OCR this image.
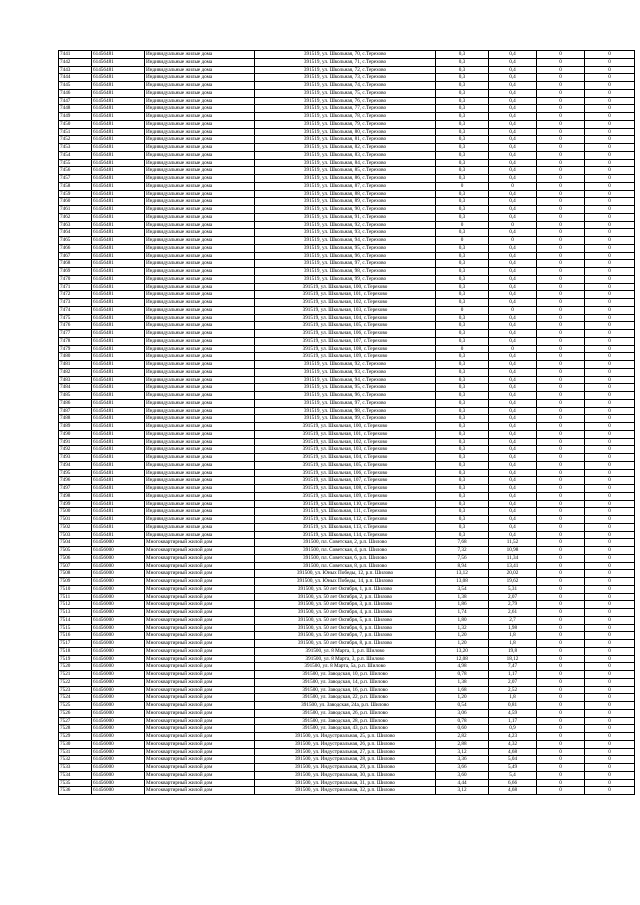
7441	61456481	Индивидуальные жилые дома	391519, ул. Школьная, 70, с.Терехово	0,3	0,4	0	0
7442	61456481	Индивидуальные жилые дома	391519, ул. Школьная, 71, с.Терехово	0,3	0,4	0	0
7443	61456481	Индивидуальные жилые дома	391519, ул. Школьная, 72, с.Терехово	0,3	0,4	0	0
7444	61456481	Индивидуальные жилые дома	391519, ул. Школьная, 73, с.Терехово	0,3	0,4	0	0
7445	61456481	Индивидуальные жилые дома	391519, ул. Школьная, 74, с.Терехово	0,3	0,4	0	0
7446	61456481	Индивидуальные жилые дома	391519, ул. Школьная, 75, с.Терехово	0,3	0,4	0	0
7447	61456481	Индивидуальные жилые дома	391519, ул. Школьная, 76, с.Терехово	0,3	0,4	0	0
7448	61456481	Индивидуальные жилые дома	391519, ул. Школьная, 77, с.Терехово	0,3	0,4	0	0
7449	61456481	Индивидуальные жилые дома	391519, ул. Школьная, 78, с.Терехово	0,3	0,4	0	0
7450	61456481	Индивидуальные жилые дома	391519, ул. Школьная, 79, с.Терехово	0,3	0,4	0	0
7451	61456481	Индивидуальные жилые дома	391519, ул. Школьная, 80, с.Терехово	0,3	0,4	0	0
7452	61456481	Индивидуальные жилые дома	391519, ул. Школьная, 81, с.Терехово	0,3	0,4	0	0
7453	61456481	Индивидуальные жилые дома	391519, ул. Школьная, 82, с.Терехово	0,3	0,4	0	0
7454	61456481	Индивидуальные жилые дома	391519, ул. Школьная, 83, с.Терехово	0,3	0,4	0	0
7455	61456481	Индивидуальные жилые дома	391519, ул. Школьная, 84, с.Терехово	0,3	0,4	0	0
7456	61456481	Индивидуальные жилые дома	391519, ул. Школьная, 85, с.Терехово	0,3	0,4	0	0
7457	61456481	Индивидуальные жилые дома	391519, ул. Школьная, 86, с.Терехово	0,3	0,4	0	0
7458	61456481	Индивидуальные жилые дома	391519, ул. Школьная, 87, с.Терехово	0	0	0	0
7459	61456481	Индивидуальные жилые дома	391519, ул. Школьная, 88, с.Терехово	0,3	0,4	0	0
7460	61456481	Индивидуальные жилые дома	391519, ул. Школьная, 89, с.Терехово	0,3	0,4	0	0
7461	61456481	Индивидуальные жилые дома	391519, ул. Школьная, 90, с.Терехово	0,3	0,4	0	0
7462	61456481	Индивидуальные жилые дома	391519, ул. Школьная, 91, с.Терехово	0,3	0,4	0	0
7463	61456481	Индивидуальные жилые дома	391519, ул. Школьная, 92, с.Терехово	0	0	0	0
7464	61456481	Индивидуальные жилые дома	391519, ул. Школьная, 93, с.Терехово	0,3	0,4	0	0
7465	61456481	Индивидуальные жилые дома	391519, ул. Школьная, 94, с.Терехово	0	0	0	0
7466	61456481	Индивидуальные жилые дома	391519, ул. Школьная, 95, с.Терехово	0,3	0,4	0	0
7467	61456481	Индивидуальные жилые дома	391519, ул. Школьная, 96, с.Терехово	0,3	0,4	0	0
7468	61456481	Индивидуальные жилые дома	391519, ул. Школьная, 97, с.Терехово	0,3	0,4	0	0
7469	61456481	Индивидуальные жилые дома	391519, ул. Школьная, 98, с.Терехово	0,3	0,4	0	0
7470	61456481	Индивидуальные жилые дома	391519, ул. Школьная, 99, с.Терехово	0,3	0,4	0	0
7471	61456481	Индивидуальные жилые дома	391519, ул. Школьная, 100, с.Терехово	0,3	0,4	0	0
7472	61456481	Индивидуальные жилые дома	391519, ул. Школьная, 101, с.Терехово	0,3	0,4	0	0
7473	61456481	Индивидуальные жилые дома	391519, ул. Школьная, 102, с.Терехово	0,3	0,4	0	0
7474	61456481	Индивидуальные жилые дома	391519, ул. Школьная, 103, с.Терехово	0	0	0	0
7475	61456481	Индивидуальные жилые дома	391519, ул. Школьная, 104, с.Терехово	0,3	0,4	0	0
7476	61456481	Индивидуальные жилые дома	391519, ул. Школьная, 105, с.Терехово	0,3	0,4	0	0
7477	61456481	Индивидуальные жилые дома	391519, ул. Школьная, 106, с.Терехово	0,3	0,4	0	0
7478	61456481	Индивидуальные жилые дома	391519, ул. Школьная, 107, с.Терехово	0,3	0,4	0	0
7479	61456481	Индивидуальные жилые дома	391519, ул. Школьная, 108, с.Терехово	0	0	0	0
7480	61456481	Индивидуальные жилые дома	391519, ул. Школьная, 109, с.Терехово	0,3	0,4	0	0
7481	61456481	Индивидуальные жилые дома	391519, ул. Школьная, 92, с.Терехово	0,3	0,4	0	0
7482	61456481	Индивидуальные жилые дома	391519, ул. Школьная, 93, с.Терехово	0,3	0,4	0	0
7483	61456481	Индивидуальные жилые дома	391519, ул. Школьная, 94, с.Терехово	0,3	0,4	0	0
7484	61456481	Индивидуальные жилые дома	391519, ул. Школьная, 95, с.Терехово	0,3	0,4	0	0
7485	61456481	Индивидуальные жилые дома	391519, ул. Школьная, 96, с.Терехово	0,3	0,4	0	0
7486	61456481	Индивидуальные жилые дома	391519, ул. Школьная, 97, с.Терехово	0,3	0,4	0	0
7487	61456481	Индивидуальные жилые дома	391519, ул. Школьная, 98, с.Терехово	0,3	0,4	0	0
7488	61456481	Индивидуальные жилые дома	391519, ул. Школьная, 99, с.Терехово	0,3	0,4	0	0
7489	61456481	Индивидуальные жилые дома	391519, ул. Школьная, 100, с.Терехово	0,3	0,4	0	0
7490	61456481	Индивидуальные жилые дома	391519, ул. Школьная, 101, с.Терехово	0,3	0,4	0	0
7491	61456481	Индивидуальные жилые дома	391519, ул. Школьная, 102, с.Терехово	0,3	0,4	0	0
7492	61456481	Индивидуальные жилые дома	391519, ул. Школьная, 103, с.Терехово	0,3	0,4	0	0
7493	61456481	Индивидуальные жилые дома	391519, ул. Школьная, 104, с.Терехово	0,3	0,4	0	0
7494	61456481	Индивидуальные жилые дома	391519, ул. Школьная, 105, с.Терехово	0,3	0,4	0	0
7495	61456481	Индивидуальные жилые дома	391519, ул. Школьная, 106, с.Терехово	0,3	0,4	0	0
7496	61456481	Индивидуальные жилые дома	391519, ул. Школьная, 107, с.Терехово	0,3	0,4	0	0
7497	61456481	Индивидуальные жилые дома	391519, ул. Школьная, 108, с.Терехово	0,3	0,4	0	0
7498	61456481	Индивидуальные жилые дома	391519, ул. Школьная, 109, с.Терехово	0,3	0,4	0	0
7499	61456481	Индивидуальные жилые дома	391519, ул. Школьная, 110, с.Терехово	0,3	0,4	0	0
7500	61456481	Индивидуальные жилые дома	391519, ул. Школьная, 111, с.Терехово	0,3	0,4	0	0
7501	61456481	Индивидуальные жилые дома	391519, ул. Школьная, 112, с.Терехово	0,3	0,4	0	0
7502	61456481	Индивидуальные жилые дома	391519, ул. Школьная, 113, с.Терехово	0,3	0,4	0	0
7503	61456481	Индивидуальные жилые дома	391519, ул. Школьная, 114, с.Терехово	0,3	0,4	0	0
7504	61456000	Многоквартирный жилой дом	391500, пл. Советская, 2, р.п. Шилово	7,68	11,52	0	0
7505	61456000	Многоквартирный жилой дом	391500, пл. Советская, 4, р.п. Шилово	7,32	10,98	0	0
7506	61456000	Многоквартирный жилой дом	391500, пл. Советская, 6, р.п. Шилово	7,56	11,34	0	0
7507	61456000	Многоквартирный жилой дом	391500, пл. Советская, 8, р.п. Шилово	8,94	13,41	0	0
7508	61456000	Многоквартирный жилой дом	391500, ул. Юных Победы, 12, р.п. Шилово	13,12	20,02	0	0
7509	61456000	Многоквартирный жилой дом	391500, ул. Юных Победы, 14, р.п. Шилово	13,08	19,62	0	0
7510	61456000	Многоквартирный жилой дом	391500, ул. 50 лет Октября, 1, р.п. Шилово	3,54	5,31	0	0
7511	61456000	Многоквартирный жилой дом	391500, ул. 50 лет Октября, 2, р.п. Шилово	1,38	2,07	0	0
7512	61456000	Многоквартирный жилой дом	391500, ул. 50 лет Октября, 3, р.п. Шилово	1,86	2,79	0	0
7513	61456000	Многоквартирный жилой дом	391500, ул. 50 лет Октября, 4, р.п. Шилово	1,74	2,61	0	0
7514	61456000	Многоквартирный жилой дом	391500, ул. 50 лет Октября, 5, р.п. Шилово	1,80	2,7	0	0
7515	61456000	Многоквартирный жилой дом	391500, ул. 50 лет Октября, 6, р.п. Шилово	1,32	1,98	0	0
7516	61456000	Многоквартирный жилой дом	391500, ул. 50 лет Октября, 7, р.п. Шилово	1,20	1,8	0	0
7517	61456000	Многоквартирный жилой дом	391500, ул. 50 лет Октября, 8, р.п. Шилово	1,20	1,8	0	0
7518	61456000	Многоквартирный жилой дом	391500, ул. 8 Марта, 1, р.п. Шилово	13,20	19,8	0	0
7519	61456000	Многоквартирный жилой дом	391500, ул. 8 Марта, 3, р.п. Шилово	12,08	18,12	0	0
7520	61456000	Многоквартирный жилой дом	391500, ул. 8 Марта, 5а, р.п. Шилово	4,98	7,47	0	0
7521	61456000	Многоквартирный жилой дом	391500, ул. Заводская, 10, р.п. Шилово	0,78	1,17	0	0
7522	61456000	Многоквартирный жилой дом	391500, ул. Заводская, 14, р.п. Шилово	1,38	2,07	0	0
7523	61456000	Многоквартирный жилой дом	391500, ул. Заводская, 16, р.п. Шилово	1,68	2,52	0	0
7524	61456000	Многоквартирный жилой дом	391500, ул. Заводская, 22, р.п. Шилово	1,20	1,8	0	0
7525	61456000	Многоквартирный жилой дом	391500, ул. Заводская, 24а, р.п. Шилово	0,54	0,81	0	0
7526	61456000	Многоквартирный жилой дом	391500, ул. Заводская, 26, р.п. Шилово	3,06	4,59	0	0
7527	61456000	Многоквартирный жилой дом	391500, ул. Заводская, 28, р.п. Шилово	0,78	1,17	0	0
7528	61456000	Многоквартирный жилой дом	391500, ул. Заводская, 43, р.п. Шилово	0,60	0,9	0	0
7529	61456000	Многоквартирный жилой дом	391500, ул. Индустриальная, 25, р.п. Шилово	2,82	4,23	0	0
7530	61456000	Многоквартирный жилой дом	391500, ул. Индустриальная, 26, р.п. Шилово	2,88	4,32	0	0
7531	61456000	Многоквартирный жилой дом	391500, ул. Индустриальная, 27, р.п. Шилово	3,12	4,68	0	0
7532	61456000	Многоквартирный жилой дом	391500, ул. Индустриальная, 28, р.п. Шилово	3,36	5,04	0	0
7533	61456000	Многоквартирный жилой дом	391500, ул. Индустриальная, 29, р.п. Шилово	3,66	5,49	0	0
7534	61456000	Многоквартирный жилой дом	391500, ул. Индустриальная, 30, р.п. Шилово	3,60	5,4	0	0
7535	61456000	Многоквартирный жилой дом	391500, ул. Индустриальная, 31, р.п. Шилово	4,44	6,66	0	0
7536	61456000	Многоквартирный жилой дом	391500, ул. Индустриальная, 32, р.п. Шилово	3,12	4,68	0	0
